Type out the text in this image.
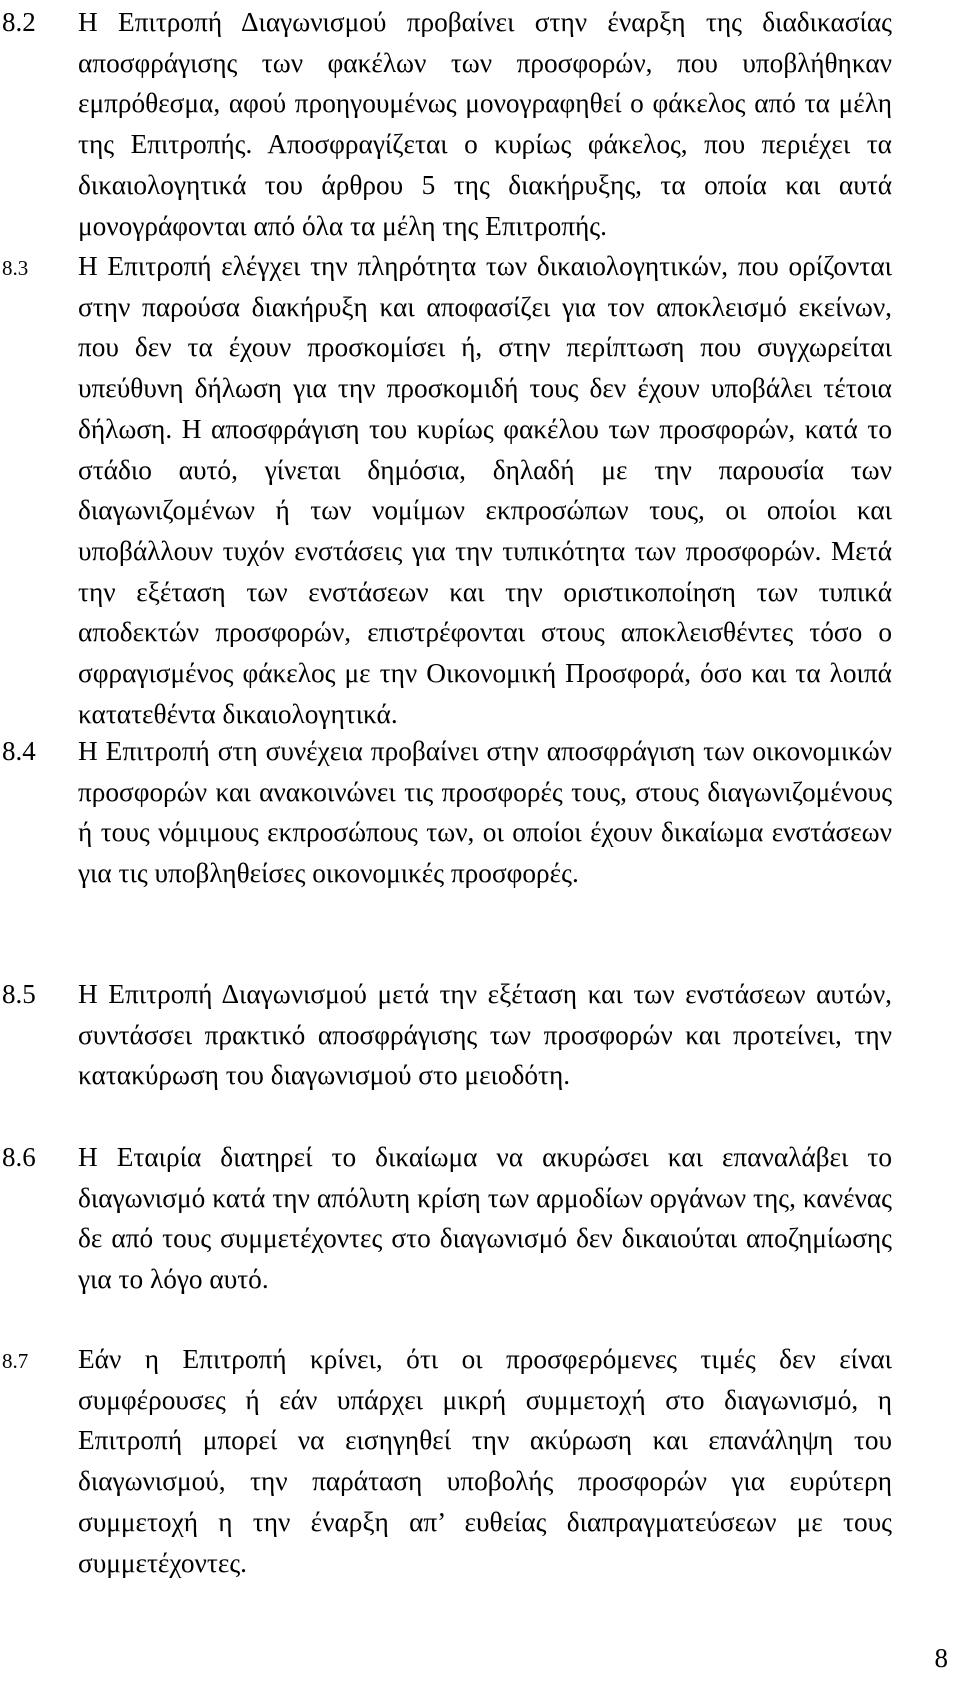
8.2 Η Επιτροπή Διαγωνισμού προβαίνει στην έναρξη της διαδικασίας αποσφράγισης των φακέλων των προσφορών, που υποβλήθηκαν εμπρόθεσμα, αφού προηγουμένως μονογραφηθεί ο φάκελος από τα μέλη της Επιτροπής. Αποσφραγίζεται ο κυρίως φάκελος, που περιέχει τα δικαιολογητικά του άρθρου 5 της διακήρυξης, τα οποία και αυτά μονογράφονται από όλα τα μέλη της Επιτροπής.

8.3 Η Επιτροπή ελέγχει την πληρότητα των δικαιολογητικών, που ορίζονται στην παρούσα διακήρυξη και αποφασίζει για τον αποκλεισμό εκείνων, που δεν τα έχουν προσκομίσει ή, στην περίπτωση που συγχωρείται υπεύθυνη δήλωση για την προσκομιδή τους δεν έχουν υποβάλει τέτοια δήλωση. Η αποσφράγιση του κυρίως φακέλου των προσφορών, κατά το στάδιο αυτό, γίνεται δημόσια, δηλαδή με την παρουσία των διαγωνιζομένων ή των νομίμων εκπροσώπων τους, οι οποίοι και υποβάλλουν τυχόν ενστάσεις για την τυπικότητα των προσφορών. Μετά την εξέταση των ενστάσεων και την οριστικοποίηση των τυπικά αποδεκτών προσφορών, επιστρέφονται στους αποκλεισθέντες τόσο ο σφραγισμένος φάκελος με την Οικονομική Προσφορά, όσο και τα λοιπά κατατεθέντα δικαιολογητικά.

8.4 Η Επιτροπή στη συνέχεια προβαίνει στην αποσφράγιση των οικονομικών προσφορών και ανακοινώνει τις προσφορές τους, στους διαγωνιζομένους ή τους νόμιμους εκπροσώπους των, οι οποίοι έχουν δικαίωμα ενστάσεων για τις υποβληθείσες οικονομικές προσφορές.

8.5 Η Επιτροπή Διαγωνισμού μετά την εξέταση και των ενστάσεων αυτών, συντάσσει πρακτικό αποσφράγισης των προσφορών και προτείνει, την κατακύρωση του διαγωνισμού στο μειοδότη.

8.6 Η Εταιρία διατηρεί το δικαίωμα να ακυρώσει και επαναλάβει το διαγωνισμό κατά την απόλυτη κρίση των αρμοδίων οργάνων της, κανένας δε από τους συμμετέχοντες στο διαγωνισμό δεν δικαιούται αποζημίωσης για το λόγο αυτό.

8.7 Εάν η Επιτροπή κρίνει, ότι οι προσφερόμενες τιμές δεν είναι συμφέρουσες ή εάν υπάρχει μικρή συμμετοχή στο διαγωνισμό, η Επιτροπή μπορεί να εισηγηθεί την ακύρωση και επανάληψη του διαγωνισμού, την παράταση υποβολής προσφορών για ευρύτερη συμμετοχή η την έναρξη απ’ ευθείας διαπραγματεύσεων με τους συμμετέχοντες.

8
